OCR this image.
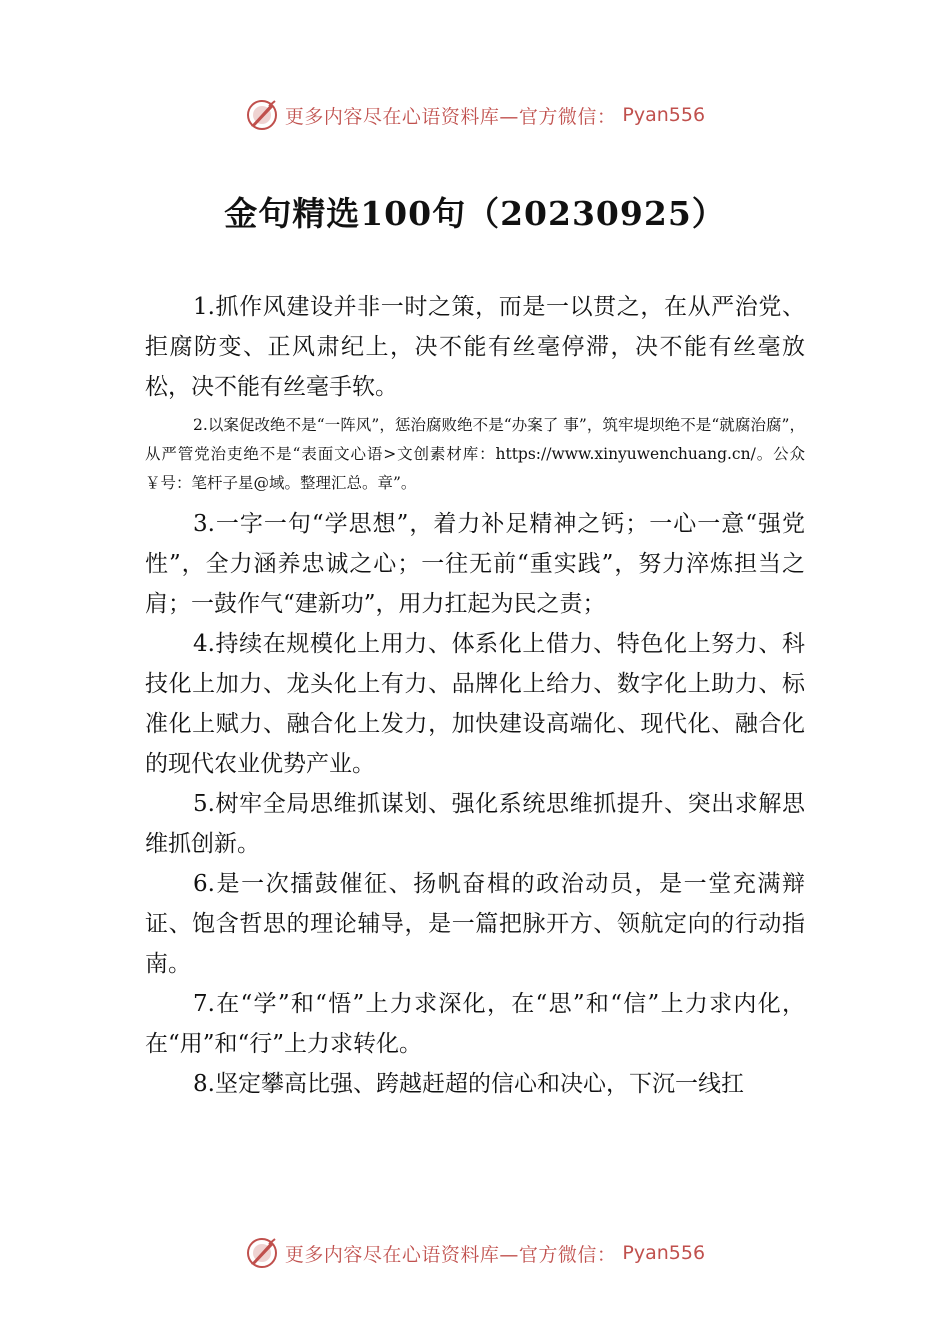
更多内容尽在心语资料库—官方微信： Pyan556
金句精选100句（20230925）

1.抓作风建设并非一时之策，而是一以贯之，在从严治党、拒腐防变、正风肃纪上，决不能有丝毫停滞，决不能有丝毫放松，决不能有丝毫手软。

2.以案促改绝不是“一阵风”，惩治腐败绝不是“办案了 事”，筑牢堤坝绝不是“就腐治腐”，从严管党治吏绝不是“表面文心语>文创素材库：https://www.xinyuwenchuang.cn/。公众￥号：笔杆子星@域。整理汇总。章”。

3.一字一句“学思想”，着力补足精神之钙；一心一意“强党性”，全力涵养忠诚之心；一往无前“重实践”，努力淬炼担当之肩；一鼓作气“建新功”，用力扛起为民之责；

4.持续在规模化上用力、体系化上借力、特色化上努力、科技化上加力、龙头化上有力、品牌化上给力、数字化上助力、标准化上赋力、融合化上发力，加快建设高端化、现代化、融合化的现代农业优势产业。

5.树牢全局思维抓谋划、强化系统思维抓提升、突出求解思维抓创新。

6.是一次擂鼓催征、扬帆奋楫的政治动员，是一堂充满辩证、饱含哲思的理论辅导，是一篇把脉开方、领航定向的行动指南。

7.在“学”和“悟”上力求深化，在“思”和“信”上力求内化，在“用”和“行”上力求转化。

8.坚定攀高比强、跨越赶超的信心和决心，下沉一线扛

更多内容尽在心语资料库—官方微信： Pyan556
